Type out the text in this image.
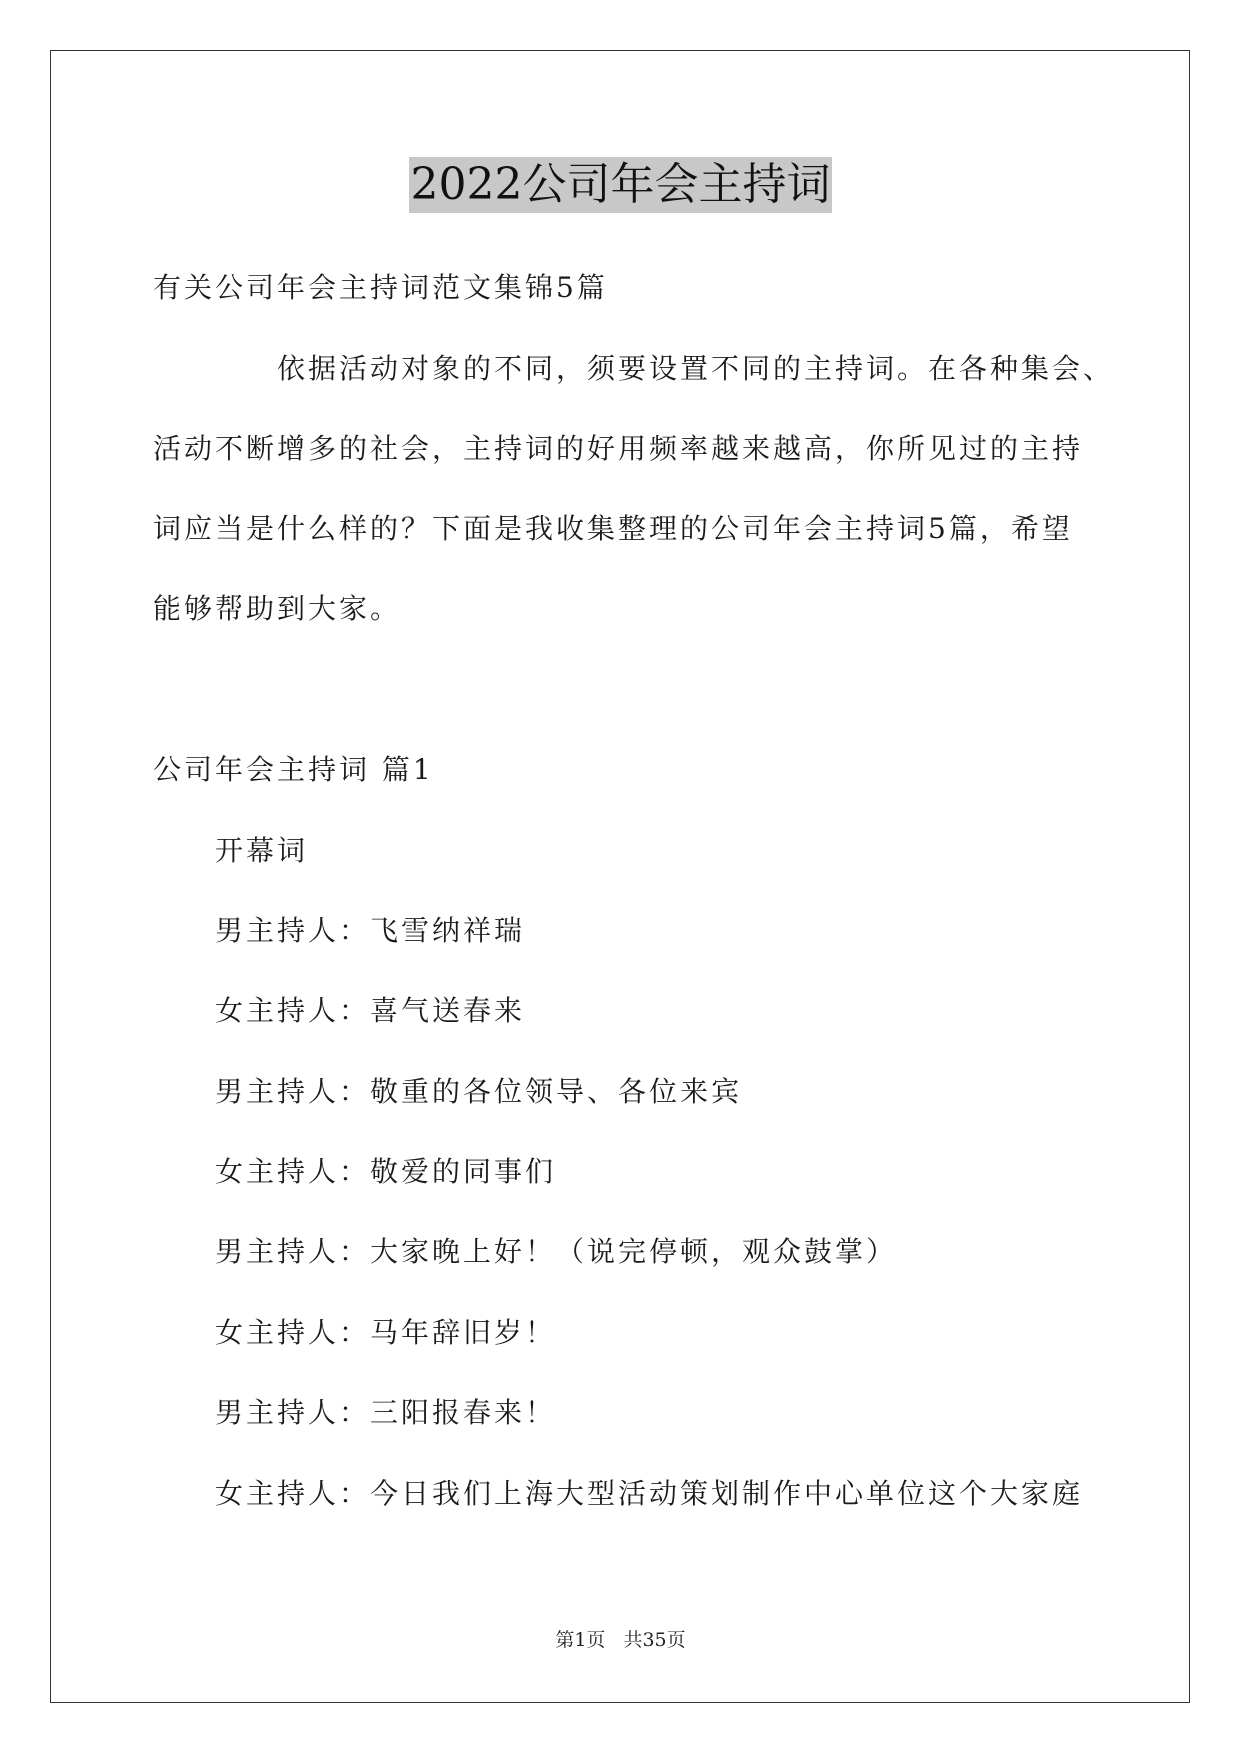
2022公司年会主持词
有关公司年会主持词范文集锦5篇
依据活动对象的不同，须要设置不同的主持词。在各种集会、
活动不断增多的社会，主持词的好用频率越来越高，你所见过的主持
词应当是什么样的？下面是我收集整理的公司年会主持词5篇，希望
能够帮助到大家。
公司年会主持词 篇1
开幕词
男主持人：飞雪纳祥瑞
女主持人：喜气送春来
男主持人：敬重的各位领导、各位来宾
女主持人：敬爱的同事们
男主持人：大家晚上好！（说完停顿，观众鼓掌）
女主持人：马年辞旧岁！
男主持人：三阳报春来！
女主持人：今日我们上海大型活动策划制作中心单位这个大家庭
第1页 共35页
